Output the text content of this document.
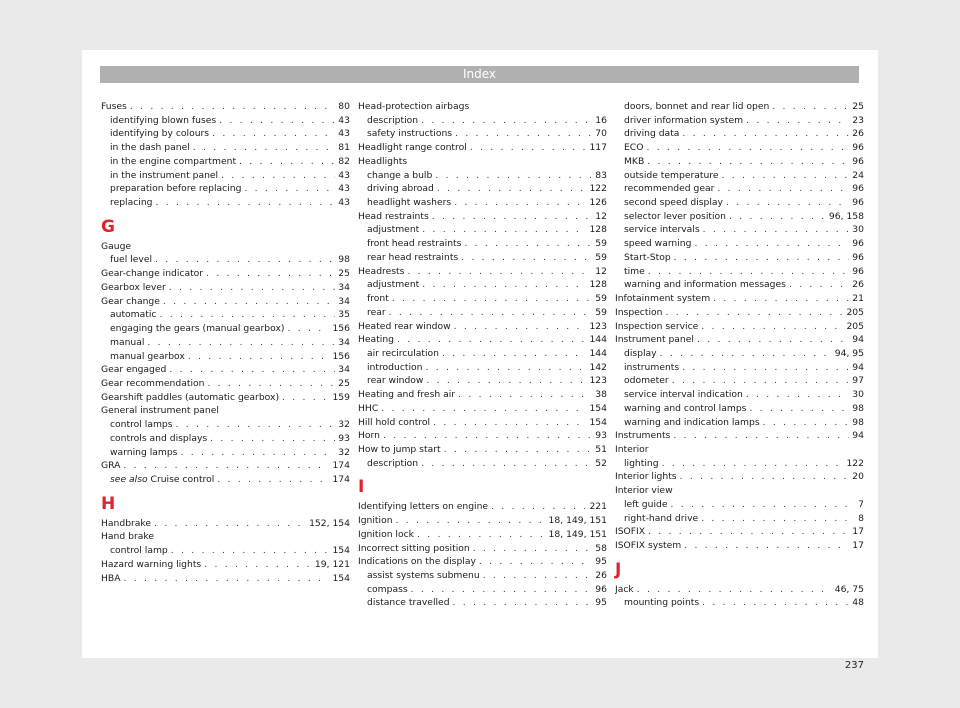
Index
Fuses . . .	80
identifying blown fuses . . .	43
identifying by colours . . .	43
in the dash panel . . .	81
in the engine compartment . . .	82
in the instrument panel . . .	43
preparation before replacing . . .	43
replacing . . .	43
G
Gauge
fuel level . . .	98
Gear-change indicator . . .	25
Gearbox lever . . .	34
Gear change . . .	34
automatic . . .	35
engaging the gears (manual gearbox) . . .	156
manual . . .	34
manual gearbox . . .	156
Gear engaged . . .	34
Gear recommendation . . .	25
Gearshift paddles (automatic gearbox) . . .	159
General instrument panel
control lamps . . .	32
controls and displays . . .	93
warning lamps . . .	32
GRA . . .	174
see also Cruise control . . .	174
H
Handbrake . . .	152, 154
Hand brake
control lamp . . .	154
Hazard warning lights . . .	19, 121
HBA . . .	154
Head-protection airbags
description . . .	16
safety instructions . . .	70
Headlight range control . . .	117
Headlights
change a bulb . . .	83
driving abroad . . .	122
headlight washers . . .	126
Head restraints . . .	12
adjustment . . .	128
front head restraints . . .	59
rear head restraints . . .	59
Headrests . . .	12
adjustment . . .	128
front . . .	59
rear . . .	59
Heated rear window . . .	123
Heating . . .	144
air recirculation . . .	144
introduction . . .	142
rear window . . .	123
Heating and fresh air . . .	38
HHC . . .	154
Hill hold control . . .	154
Horn . . .	93
How to jump start . . .	51
description . . .	52
I
Identifying letters on engine . . .	221
Ignition . . .	18, 149, 151
Ignition lock . . .	18, 149, 151
Incorrect sitting position . . .	58
Indications on the display . . .	95
assist systems submenu . . .	26
compass . . .	96
distance travelled . . .	95
doors, bonnet and rear lid open . . .	25
driver information system . . .	23
driving data . . .	26
ECO . . .	96
MKB . . .	96
outside temperature . . .	24
recommended gear . . .	96
second speed display . . .	96
selector lever position . . .	96, 158
service intervals . . .	30
speed warning . . .	96
Start-Stop . . .	96
time . . .	96
warning and information messages . . .	26
Infotainment system . . .	21
Inspection . . .	205
Inspection service . . .	205
Instrument panel . . .	94
display . . .	94, 95
instruments . . .	94
odometer . . .	97
service interval indication . . .	30
warning and control lamps . . .	98
warning and indication lamps . . .	98
Instruments . . .	94
Interior
lighting . . .	122
Interior lights . . .	20
Interior view
left guide . . .	7
right-hand drive . . .	8
ISOFIX . . .	17
ISOFIX system . . .	17
J
Jack . . .	46, 75
mounting points . . .	48
237
